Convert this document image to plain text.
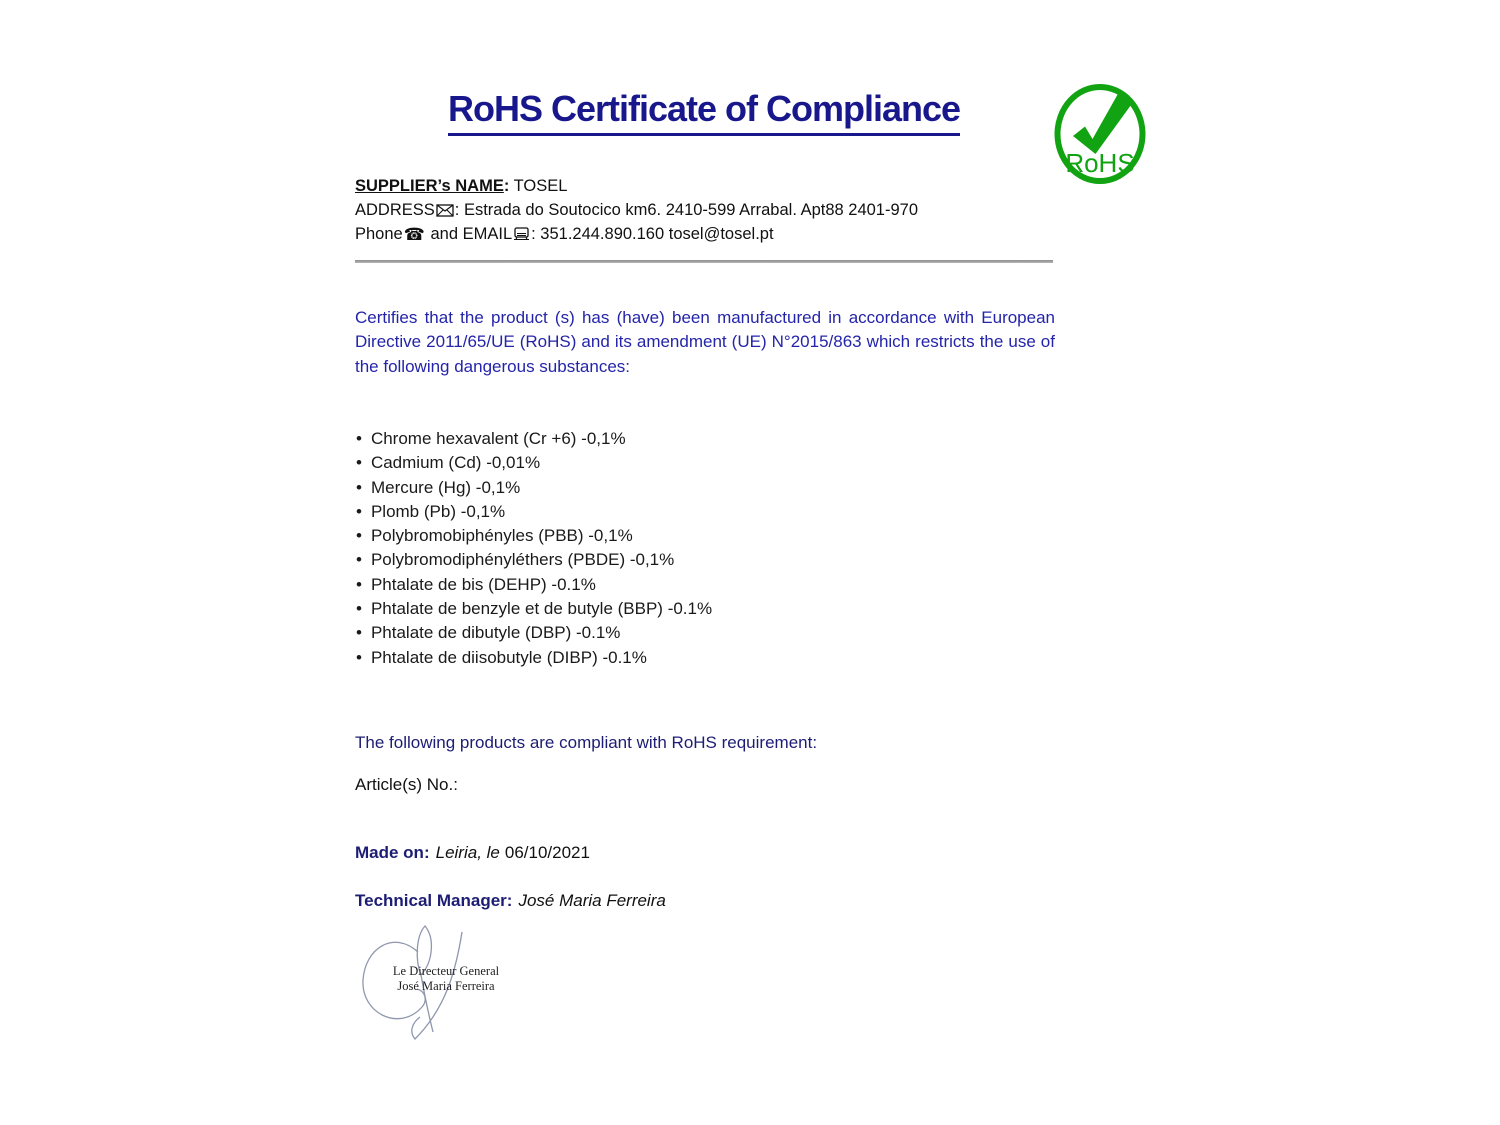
RoHS Certificate of Compliance
RoHS
SUPPLIER’s NAME: TOSEL
ADDRESS : Estrada do Soutocico km6. 2410-599 Arrabal. Apt88 2401-970
Phone☎ and EMAIL : 351.244.890.160 tosel@tosel.pt

Certifies that the product (s) has (have) been manufactured in accordance with European Directive 2011/65/UE (RoHS) and its amendment (UE) N°2015/863 which restricts the use of the following dangerous substances:

• Chrome hexavalent (Cr +6) -0,1%
• Cadmium (Cd) -0,01%
• Mercure (Hg) -0,1%
• Plomb (Pb) -0,1%
• Polybromobiphényles (PBB) -0,1%
• Polybromodiphényléthers (PBDE) -0,1%
• Phtalate de bis (DEHP) -0.1%
• Phtalate de benzyle et de butyle (BBP) -0.1%
• Phtalate de dibutyle (DBP) -0.1%
• Phtalate de diisobutyle (DIBP) -0.1%

The following products are compliant with RoHS requirement:

Article(s) No.:

Made on: Leiria, le 06/10/2021

Technical Manager: José Maria Ferreira

Le Directeur General
José Maria Ferreira
